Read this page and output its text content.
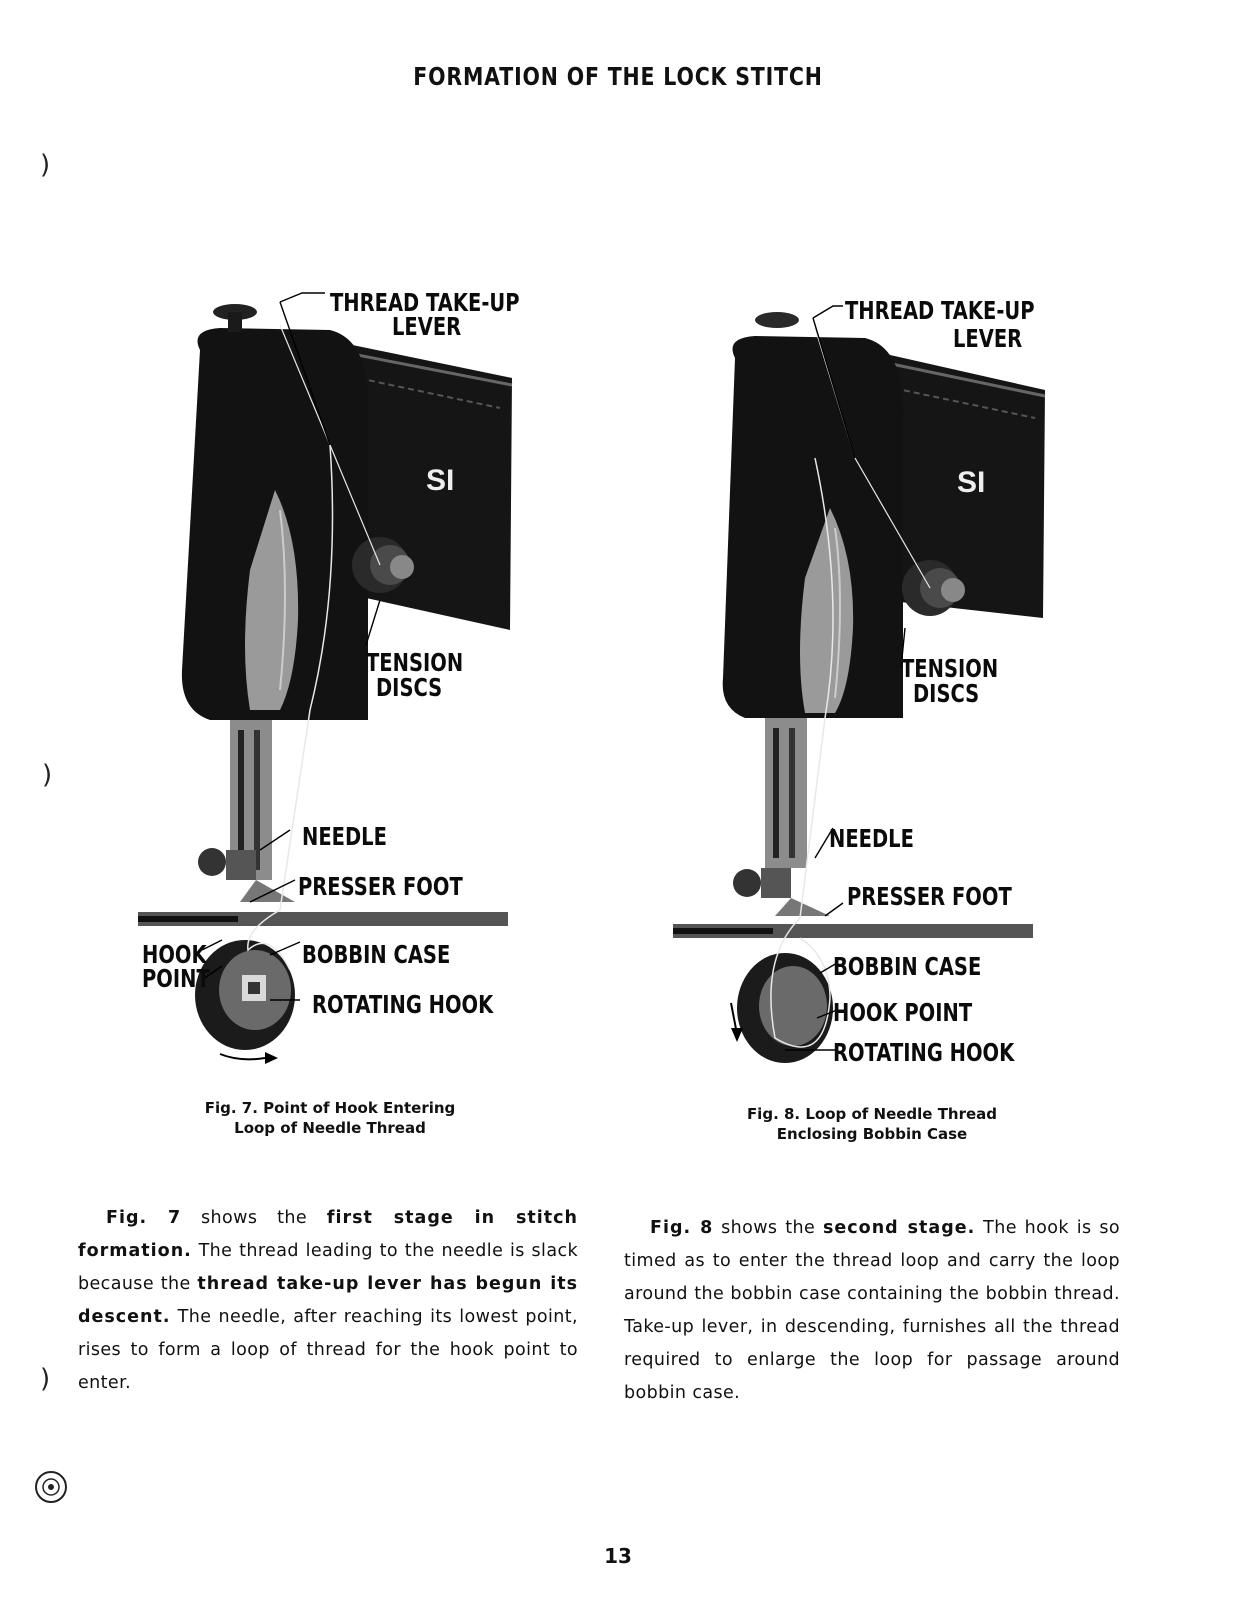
FORMATION OF THE LOCK STITCH
)
)
)
SI
THREAD TAKE-UP
LEVER
TENSION
DISCS
NEEDLE
PRESSER FOOT
HOOK
POINT
BOBBIN CASE
ROTATING HOOK
Fig. 7. Point of Hook Entering
Loop of Needle Thread
SI
THREAD TAKE-UP
LEVER
TENSION
DISCS
NEEDLE
PRESSER FOOT
BOBBIN CASE
HOOK POINT
ROTATING HOOK
Fig. 8. Loop of Needle Thread
Enclosing Bobbin Case
Fig. 7 shows the first stage in stitch formation. The thread leading to the needle is slack because the thread take-up lever has begun its descent. The needle, after reaching its lowest point, rises to form a loop of thread for the hook point to enter.
Fig. 8 shows the second stage. The hook is so timed as to enter the thread loop and carry the loop around the bobbin case containing the bobbin thread. Take-up lever, in descending, furnishes all the thread required to enlarge the loop for passage around bobbin case.
13
